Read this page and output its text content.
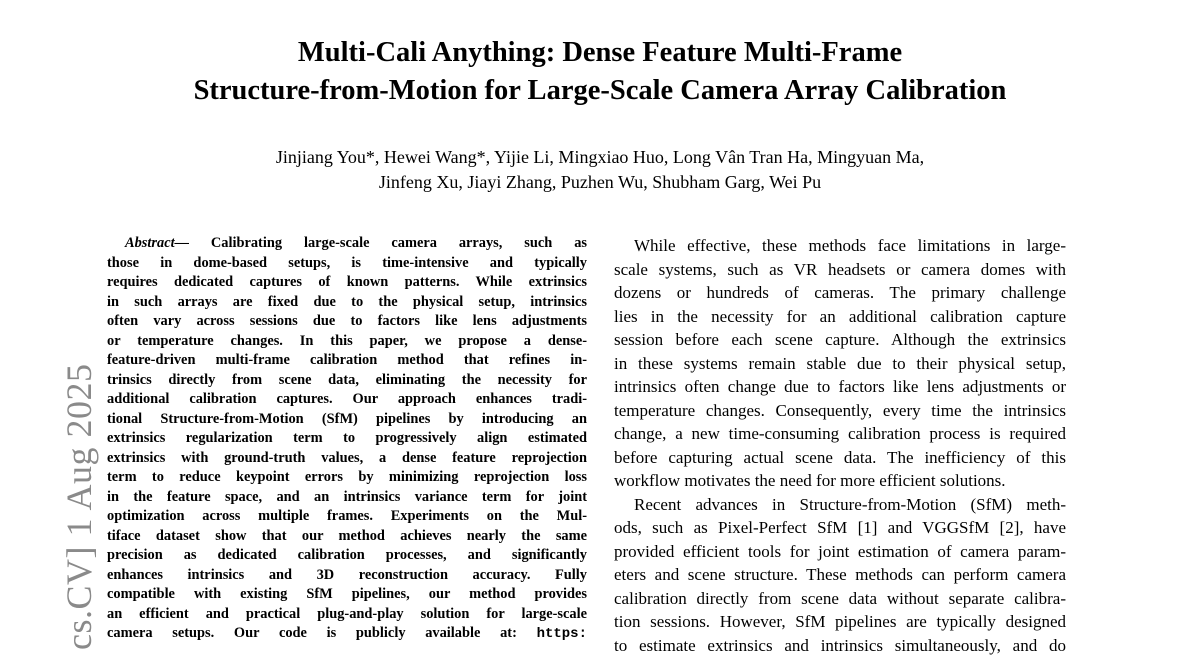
Multi-Cali Anything: Dense Feature Multi-Frame
Structure-from-Motion for Large-Scale Camera Array Calibration
Jinjiang You*, Hewei Wang*, Yijie Li, Mingxiao Huo, Long Vân Tran Ha, Mingyuan Ma,
Jinfeng Xu, Jiayi Zhang, Puzhen Wu, Shubham Garg, Wei Pu
cs.CV] 1 Aug 2025
Abstract— Calibrating large-scale camera arrays, such as
those in dome-based setups, is time-intensive and typically
requires dedicated captures of known patterns. While extrinsics
in such arrays are fixed due to the physical setup, intrinsics
often vary across sessions due to factors like lens adjustments
or temperature changes. In this paper, we propose a dense-
feature-driven multi-frame calibration method that refines in-
trinsics directly from scene data, eliminating the necessity for
additional calibration captures. Our approach enhances tradi-
tional Structure-from-Motion (SfM) pipelines by introducing an
extrinsics regularization term to progressively align estimated
extrinsics with ground-truth values, a dense feature reprojection
term to reduce keypoint errors by minimizing reprojection loss
in the feature space, and an intrinsics variance term for joint
optimization across multiple frames. Experiments on the Mul-
tiface dataset show that our method achieves nearly the same
precision as dedicated calibration processes, and significantly
enhances intrinsics and 3D reconstruction accuracy. Fully
compatible with existing SfM pipelines, our method provides
an efficient and practical plug-and-play solution for large-scale
camera setups. Our code is publicly available at: https:
While effective, these methods face limitations in large-
scale systems, such as VR headsets or camera domes with
dozens or hundreds of cameras. The primary challenge
lies in the necessity for an additional calibration capture
session before each scene capture. Although the extrinsics
in these systems remain stable due to their physical setup,
intrinsics often change due to factors like lens adjustments or
temperature changes. Consequently, every time the intrinsics
change, a new time-consuming calibration process is required
before capturing actual scene data. The inefficiency of this
workflow motivates the need for more efficient solutions.
Recent advances in Structure-from-Motion (SfM) meth-
ods, such as Pixel-Perfect SfM [1] and VGGSfM [2], have
provided efficient tools for joint estimation of camera param-
eters and scene structure. These methods can perform camera
calibration directly from scene data without separate calibra-
tion sessions. However, SfM pipelines are typically designed
to estimate extrinsics and intrinsics simultaneously, and do
